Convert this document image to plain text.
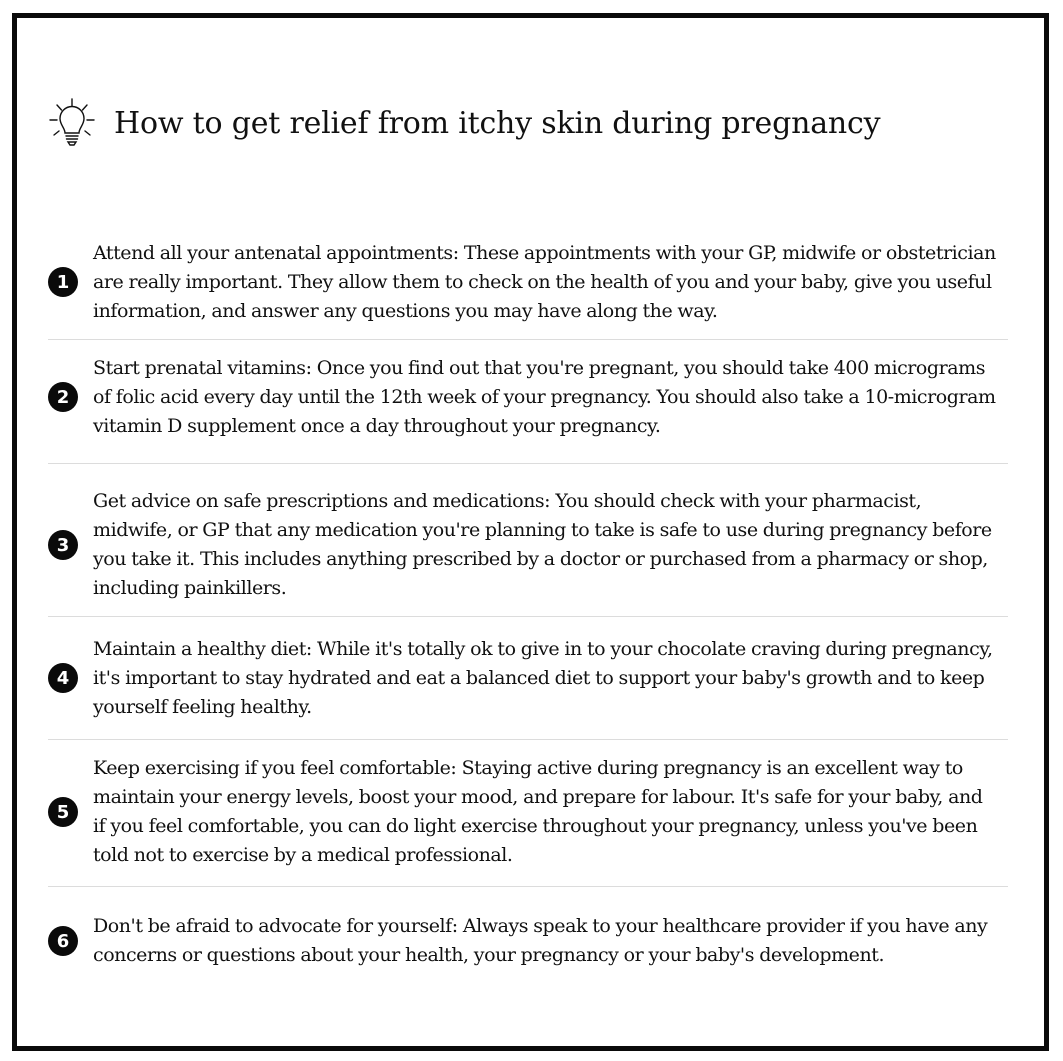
How to get relief from itchy skin during pregnancy
1
Attend all your antenatal appointments: These appointments with your GP, midwife or obstetrician are really important. They allow them to check on the health of you and your baby, give you useful information, and answer any questions you may have along the way.
2
Start prenatal vitamins: Once you find out that you're pregnant, you should take 400 micrograms of folic acid every day until the 12th week of your pregnancy. You should also take a 10-microgram vitamin D supplement once a day throughout your pregnancy.
3
Get advice on safe prescriptions and medications: You should check with your pharmacist, midwife, or GP that any medication you're planning to take is safe to use during pregnancy before you take it. This includes anything prescribed by a doctor or purchased from a pharmacy or shop, including painkillers.
4
Maintain a healthy diet: While it's totally ok to give in to your chocolate craving during pregnancy, it's important to stay hydrated and eat a balanced diet to support your baby's growth and to keep yourself feeling healthy.
5
Keep exercising if you feel comfortable: Staying active during pregnancy is an excellent way to maintain your energy levels, boost your mood, and prepare for labour. It's safe for your baby, and if you feel comfortable, you can do light exercise throughout your pregnancy, unless you've been told not to exercise by a medical professional.
6
Don't be afraid to advocate for yourself: Always speak to your healthcare provider if you have any concerns or questions about your health, your pregnancy or your baby's development.
